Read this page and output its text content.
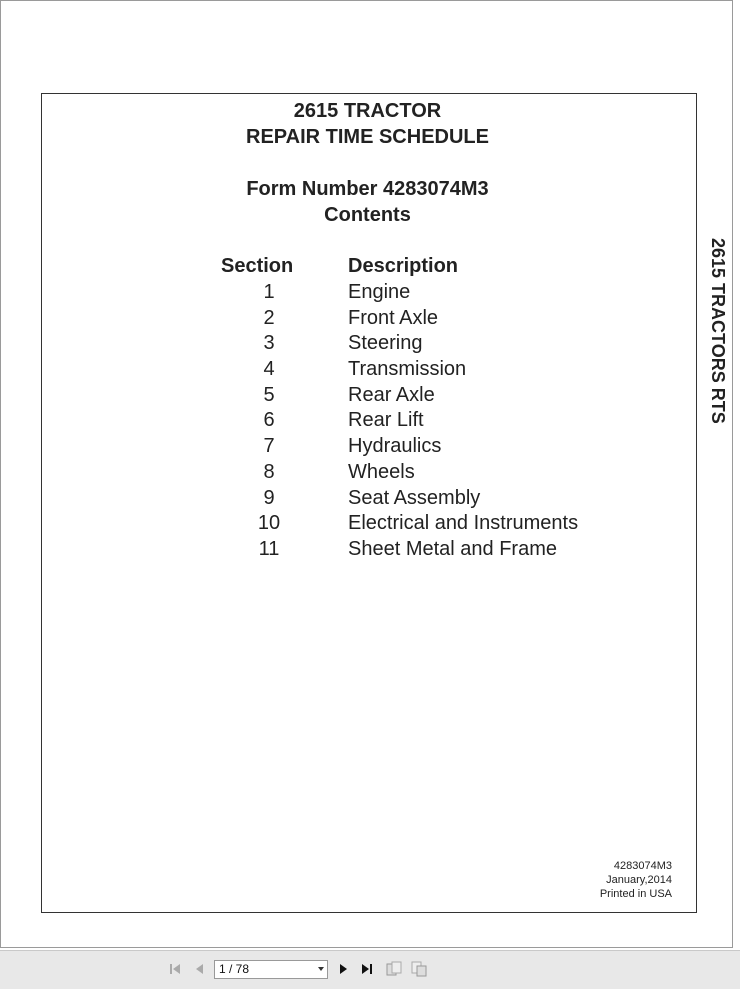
2615 TRACTOR
REPAIR TIME SCHEDULE
Form Number 4283074M3
Contents
Section	Description
1	Engine
2	Front Axle
3	Steering
4	Transmission
5	Rear Axle
6	Rear Lift
7	Hydraulics
8	Wheels
9	Seat Assembly
10	Electrical and Instruments
11	Sheet Metal and Frame
2615 TRACTORS RTS
4283074M3
January,2014
Printed in USA
1 / 78
